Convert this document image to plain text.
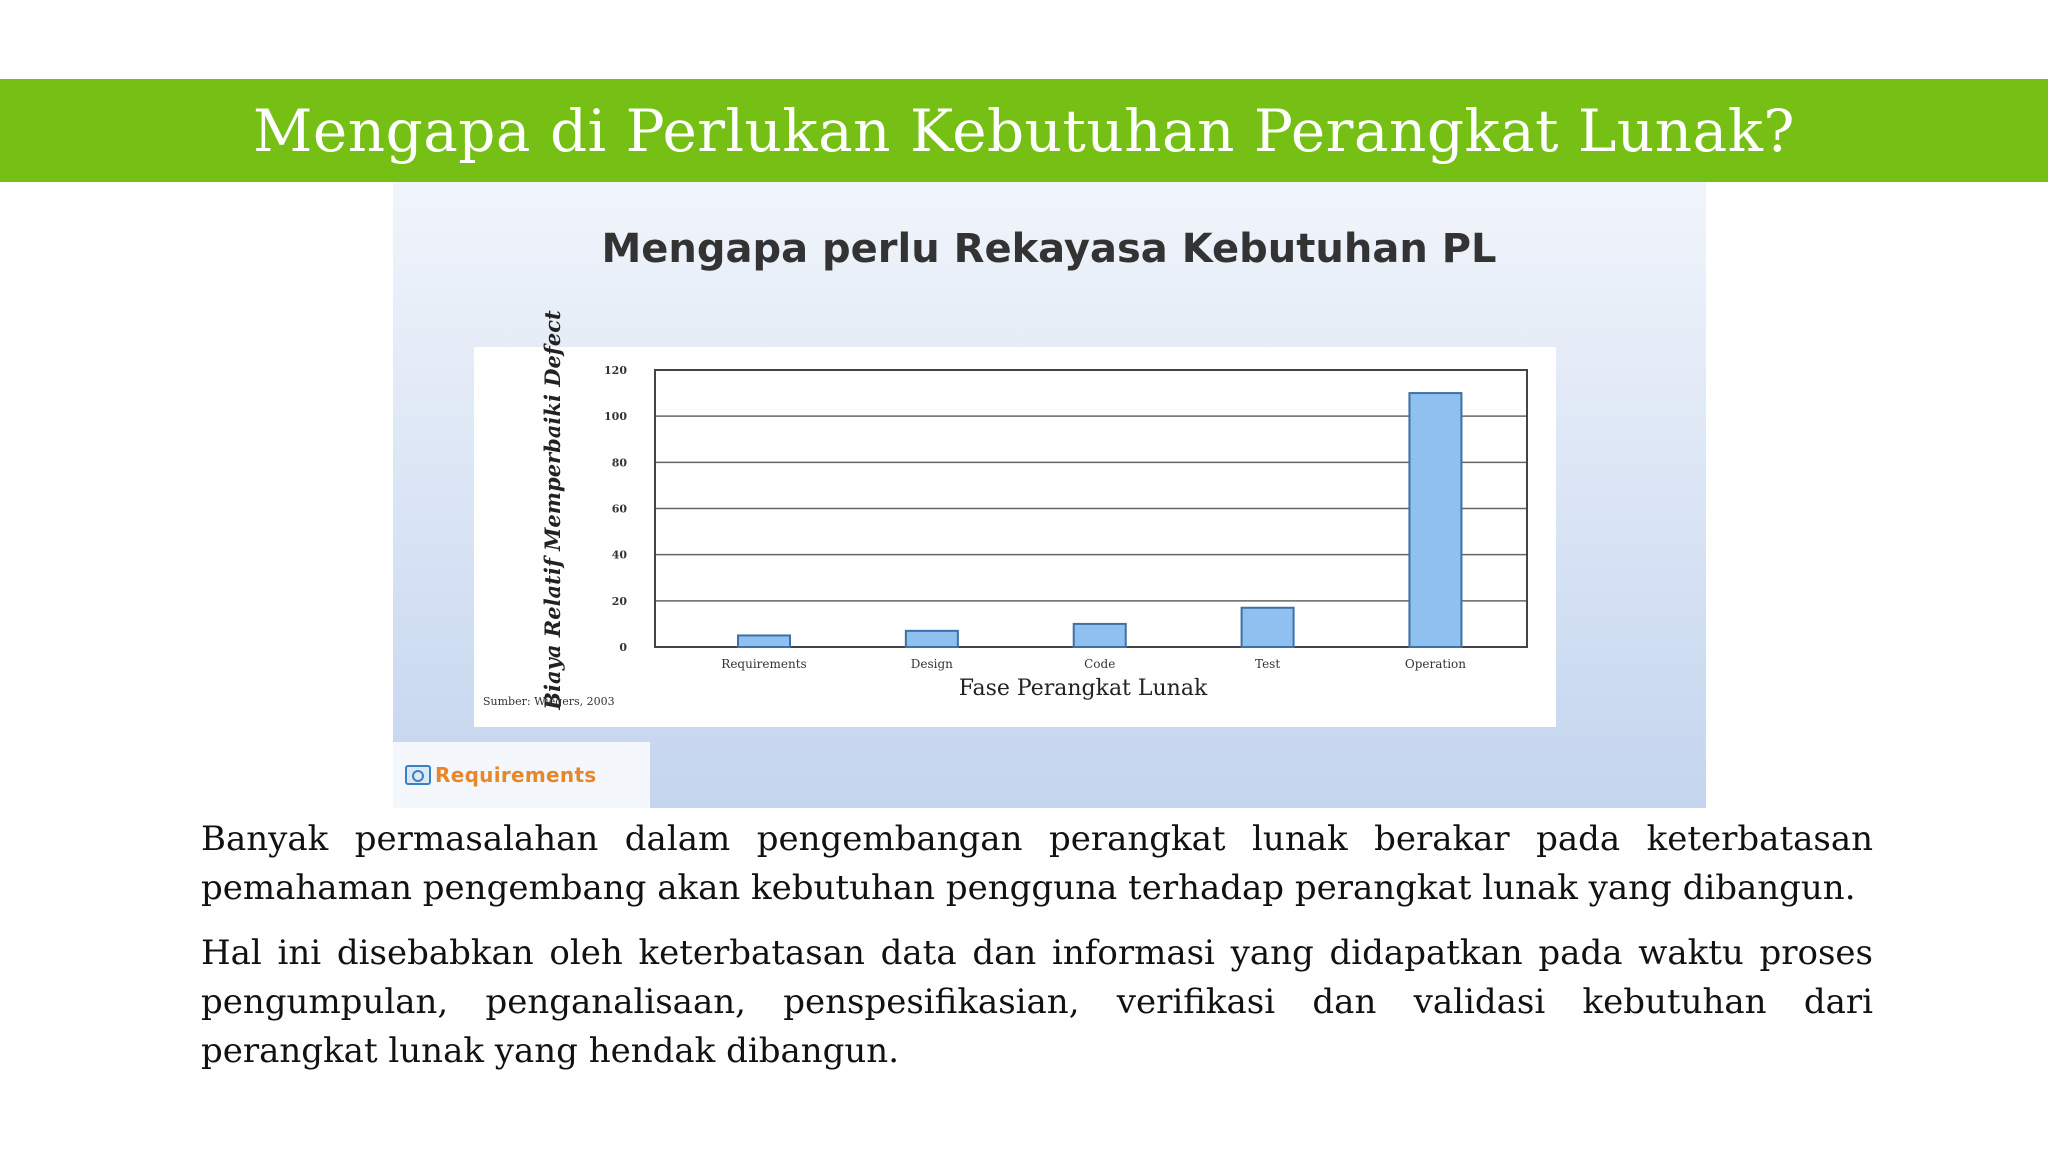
Mengapa di Perlukan Kebutuhan Perangkat Lunak?
Mengapa perlu Rekayasa Kebutuhan PL
0
20
40
60
80
100
120
Requirements	Design	Code	Test	Operation
Biaya Relatif Memperbaiki Defect	Fase Perangkat Lunak
Sumber: Wiegers, 2003
Requirements

Banyak permasalahan dalam pengembangan perangkat lunak berakar pada keterbatasan pemahaman pengembang akan kebutuhan pengguna terhadap perangkat lunak yang dibangun.

Hal ini disebabkan oleh keterbatasan data dan informasi yang didapatkan pada waktu proses pengumpulan, penganalisaan, penspesifikasian, verifikasi dan validasi kebutuhan dari perangkat lunak yang hendak dibangun.
